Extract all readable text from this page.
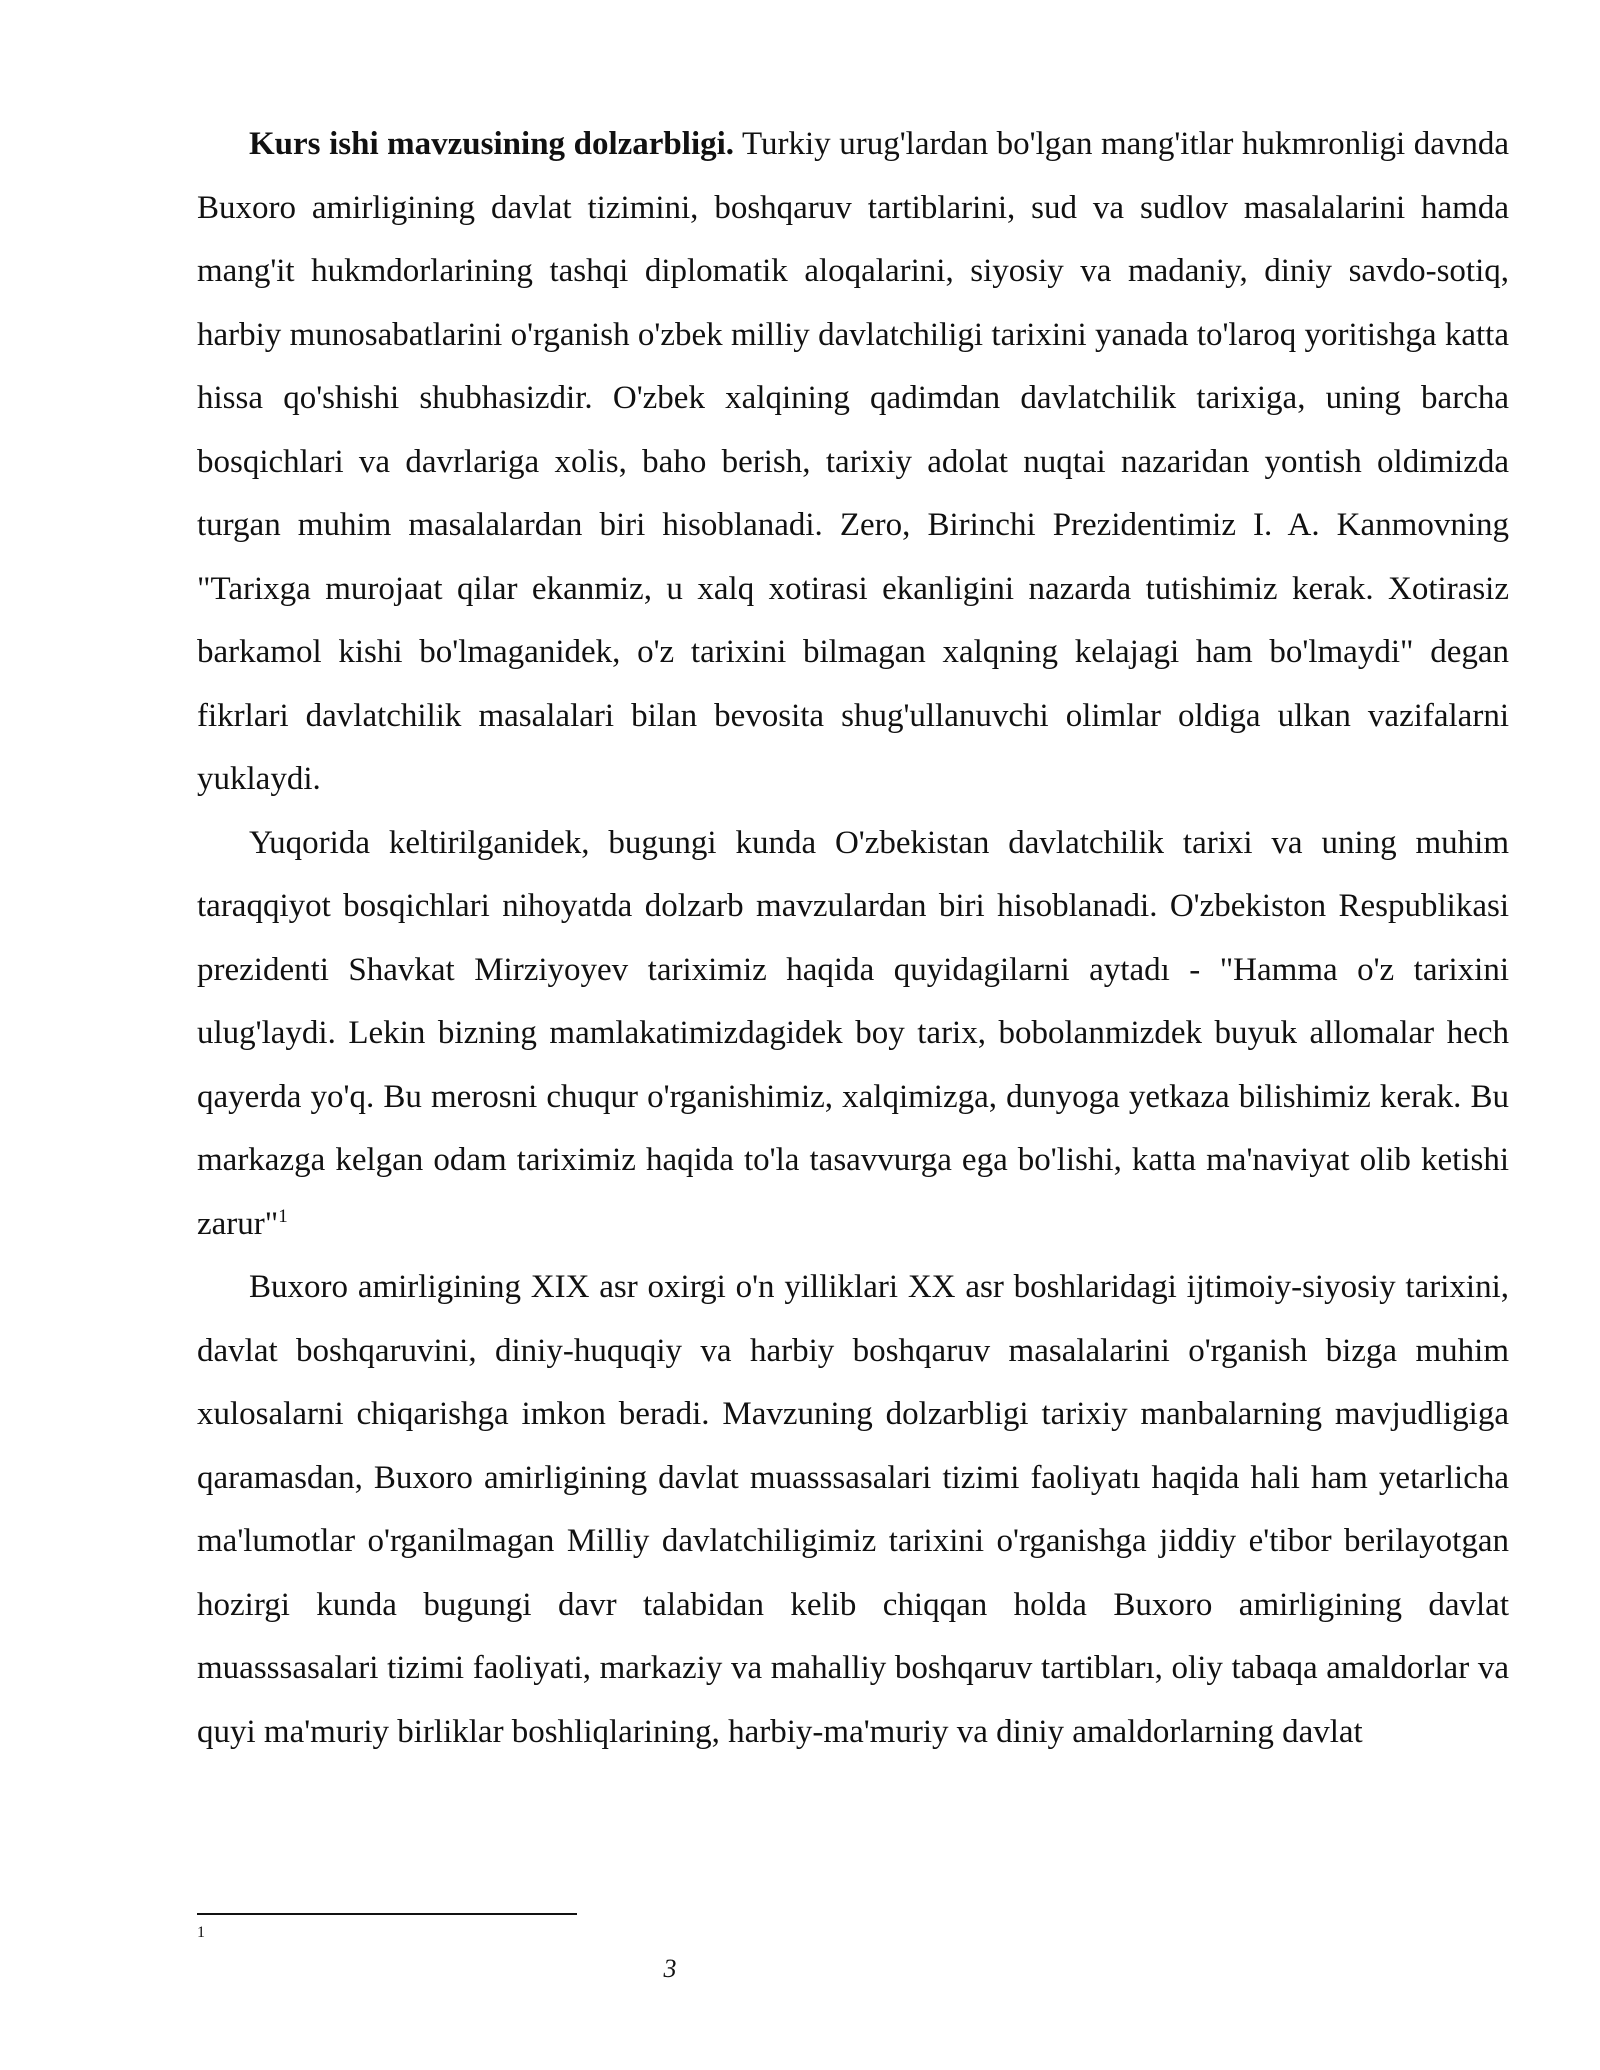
Kurs ishi mavzusining dolzarbligi. Turkiy urug'lardan bo'lgan mang'itlar hukmronligi davnda Buxoro amirligining davlat tizimini, boshqaruv tartiblarini, sud va sudlov masalalarini hamda mang'it hukmdorlarining tashqi diplomatik aloqalarini, siyosiy va madaniy, diniy savdo-sotiq, harbiy munosabatlarini o'rganish o'zbek milliy davlatchiligi tarixini yanada to'laroq yoritishga katta hissa qo'shishi shubhasizdir. O'zbek xalqining qadimdan davlatchilik tarixiga, uning barcha bosqichlari va davrlariga xolis, baho berish, tarixiy adolat nuqtai nazaridan yontish oldimizda turgan muhim masalalardan biri hisoblanadi. Zero, Birinchi Prezidentimiz I. A. Kanmovning "Tarixga murojaat qilar ekanmiz, u xalq xotirasi ekanligini nazarda tutishimiz kerak. Xotirasiz barkamol kishi bo'lmaganidek, o'z tarixini bilmagan xalqning kelajagi ham bo'lmaydi" degan fikrlari davlatchilik masalalari bilan bevosita shug'ullanuvchi olimlar oldiga ulkan vazifalarni yuklaydi.

Yuqorida keltirilganidek, bugungi kunda O'zbekistan davlatchilik tarixi va uning muhim taraqqiyot bosqichlari nihoyatda dolzarb mavzulardan biri hisoblanadi. O'zbekiston Respublikasi prezidenti Shavkat Mirziyoyev tariximiz haqida quyidagilarni aytadı - "Hamma o'z tarixini ulug'laydi. Lekin bizning mamlakatimizdagidek boy tarix, bobolanmizdek buyuk allomalar hech qayerda yo'q. Bu merosni chuqur o'rganishimiz, xalqimizga, dunyoga yetkaza bilishimiz kerak. Bu markazga kelgan odam tariximiz haqida to'la tasavvurga ega bo'lishi, katta ma'naviyat olib ketishi zarur"$^1$

Buxoro amirligining XIX asr oxirgi o'n yilliklari XX asr boshlaridagi ijtimoiy-siyosiy tarixini, davlat boshqaruvini, diniy-huquqiy va harbiy boshqaruv masalalarini o'rganish bizga muhim xulosalarni chiqarishga imkon beradi. Mavzuning dolzarbligi tarixiy manbalarning mavjudligiga qaramasdan, Buxoro amirligining davlat muasssasalari tizimi faoliyatı haqida hali ham yetarlicha ma'lumotlar o'rganilmagan Milliy davlatchiligimiz tarixini o'rganishga jiddiy e'tibor berilayotgan hozirgi kunda bugungi davr talabidan kelib chiqqan holda Buxoro amirligining davlat muasssasalari tizimi faoliyati, markaziy va mahalliy boshqaruv tartibları, oliy tabaqa amaldorlar va quyi ma'muriy birliklar boshliqlarining, harbiy-ma'muriy va diniy amaldorlarning davlat

1
3
